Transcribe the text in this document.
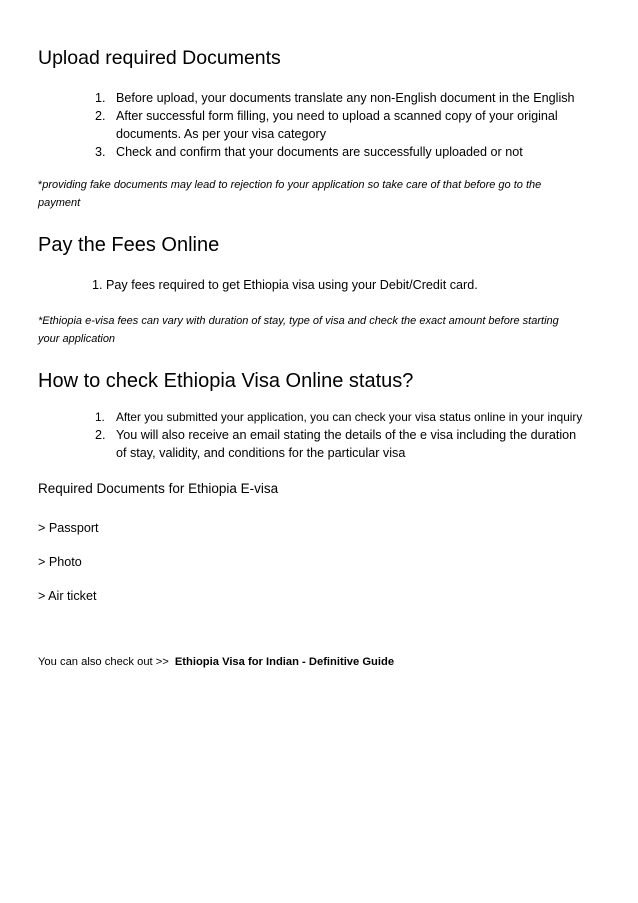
Upload required Documents
1. Before upload, your documents translate any non-English document in the English
2. After successful form filling, you need to upload a scanned copy of your original
documents. As per your visa category
3. Check and confirm that your documents are successfully uploaded or not

*providing fake documents may lead to rejection fo your application so take care of that before go to the
payment

Pay the Fees Online
1. Pay fees required to get Ethiopia visa using your Debit/Credit card.

*Ethiopia e-visa fees can vary with duration of stay, type of visa and check the exact amount before starting
your application

How to check Ethiopia Visa Online status?
1. After you submitted your application, you can check your visa status online in your inquiry
2. You will also receive an email stating the details of the e visa including the duration
of stay, validity, and conditions for the particular visa
Required Documents for Ethiopia E-visa
> Passport
> Photo
> Air ticket
You can also check out >> Ethiopia Visa for Indian - Definitive Guide
